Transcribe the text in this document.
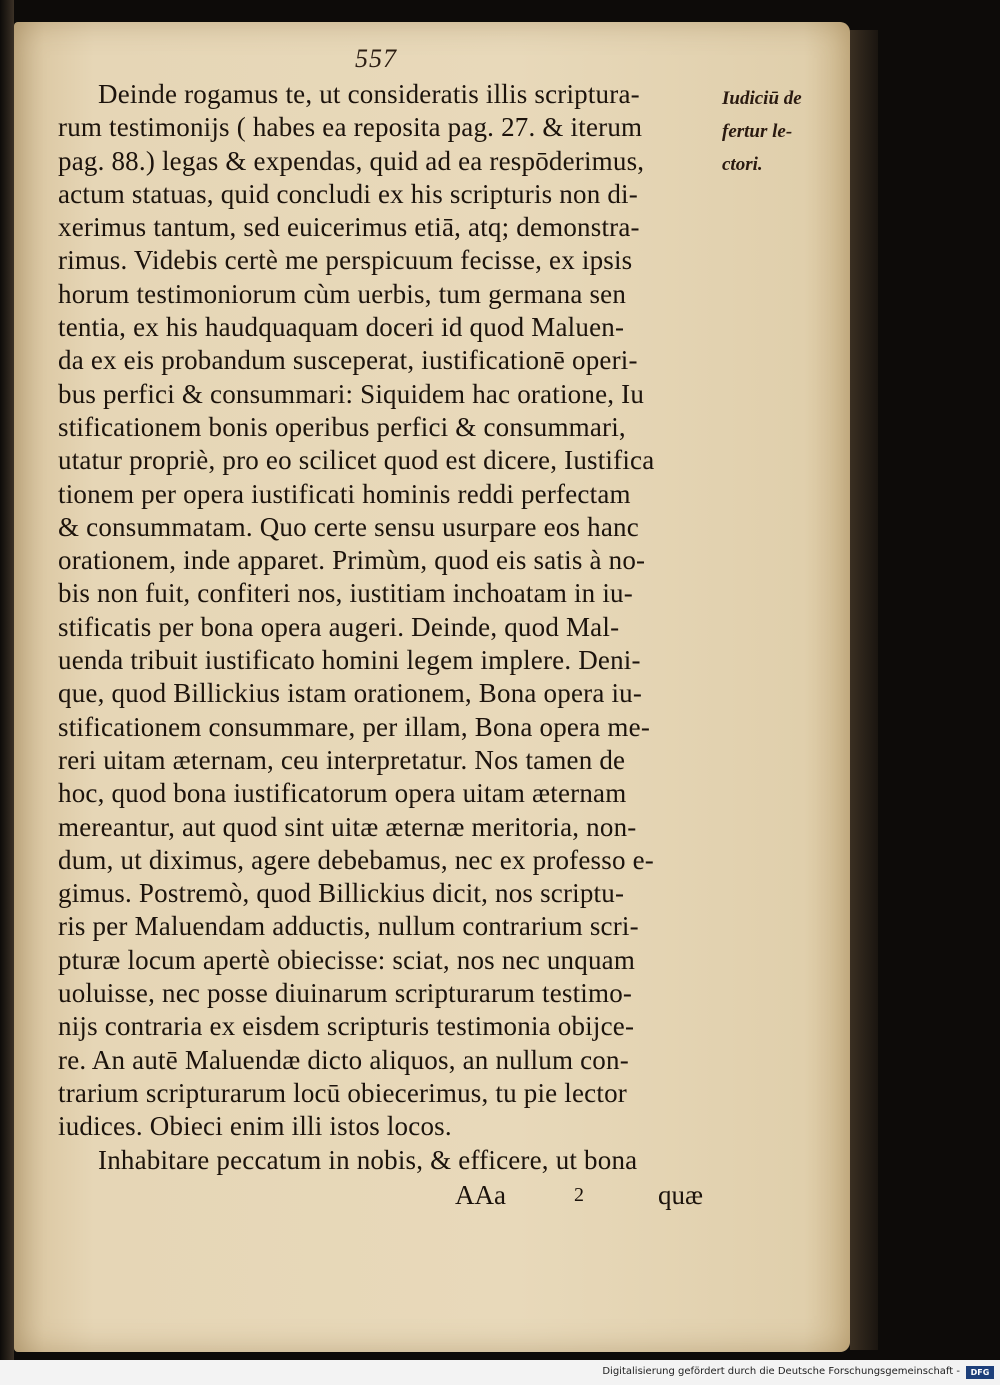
557
Iudiciū de
fertur le-
ctori.
Deinde rogamus te, ut consideratis illis scriptura-
rum testimonijs ( habes ea reposita pag. 27. & iterum
pag. 88.) legas & expendas, quid ad ea respōderimus,
actum statuas, quid concludi ex his scripturis non di-
xerimus tantum, sed euicerimus etiā, atq; demonstra-
rimus. Videbis certè me perspicuum fecisse, ex ipsis
horum testimoniorum cùm uerbis, tum germana sen
tentia, ex his haudquaquam doceri id quod Maluen-
da ex eis probandum susceperat, iustificationē operi-
bus perfici & consummari: Siquidem hac oratione, Iu
stificationem bonis operibus perfici & consummari,
utatur propriè, pro eo scilicet quod est dicere, Iustifica
tionem per opera iustificati hominis reddi perfectam
& consummatam. Quo certe sensu usurpare eos hanc
orationem, inde apparet. Primùm, quod eis satis à no-
bis non fuit, confiteri nos, iustitiam inchoatam in iu-
stificatis per bona opera augeri. Deinde, quod Mal-
uenda tribuit iustificato homini legem implere. Deni-
que, quod Billickius istam orationem, Bona opera iu-
stificationem consummare, per illam, Bona opera me-
reri uitam æternam, ceu interpretatur. Nos tamen de
hoc, quod bona iustificatorum opera uitam æternam
mereantur, aut quod sint uitæ æternæ meritoria, non-
dum, ut diximus, agere debebamus, nec ex professo e-
gimus. Postremò, quod Billickius dicit, nos scriptu-
ris per Maluendam adductis, nullum contrarium scri-
pturæ locum apertè obiecisse: sciat, nos nec unquam
uoluisse, nec posse diuinarum scripturarum testimo-
nijs contraria ex eisdem scripturis testimonia obijce-
re. An autē Maluendæ dicto aliquos, an nullum con-
trarium scripturarum locū obiecerimus, tu pie lector
iudices. Obieci enim illi istos locos.
Inhabitare peccatum in nobis, & efficere, ut bona
AAa	2	quæ
Digitalisierung gefördert durch die Deutsche Forschungsgemeinschaft -	DFG
